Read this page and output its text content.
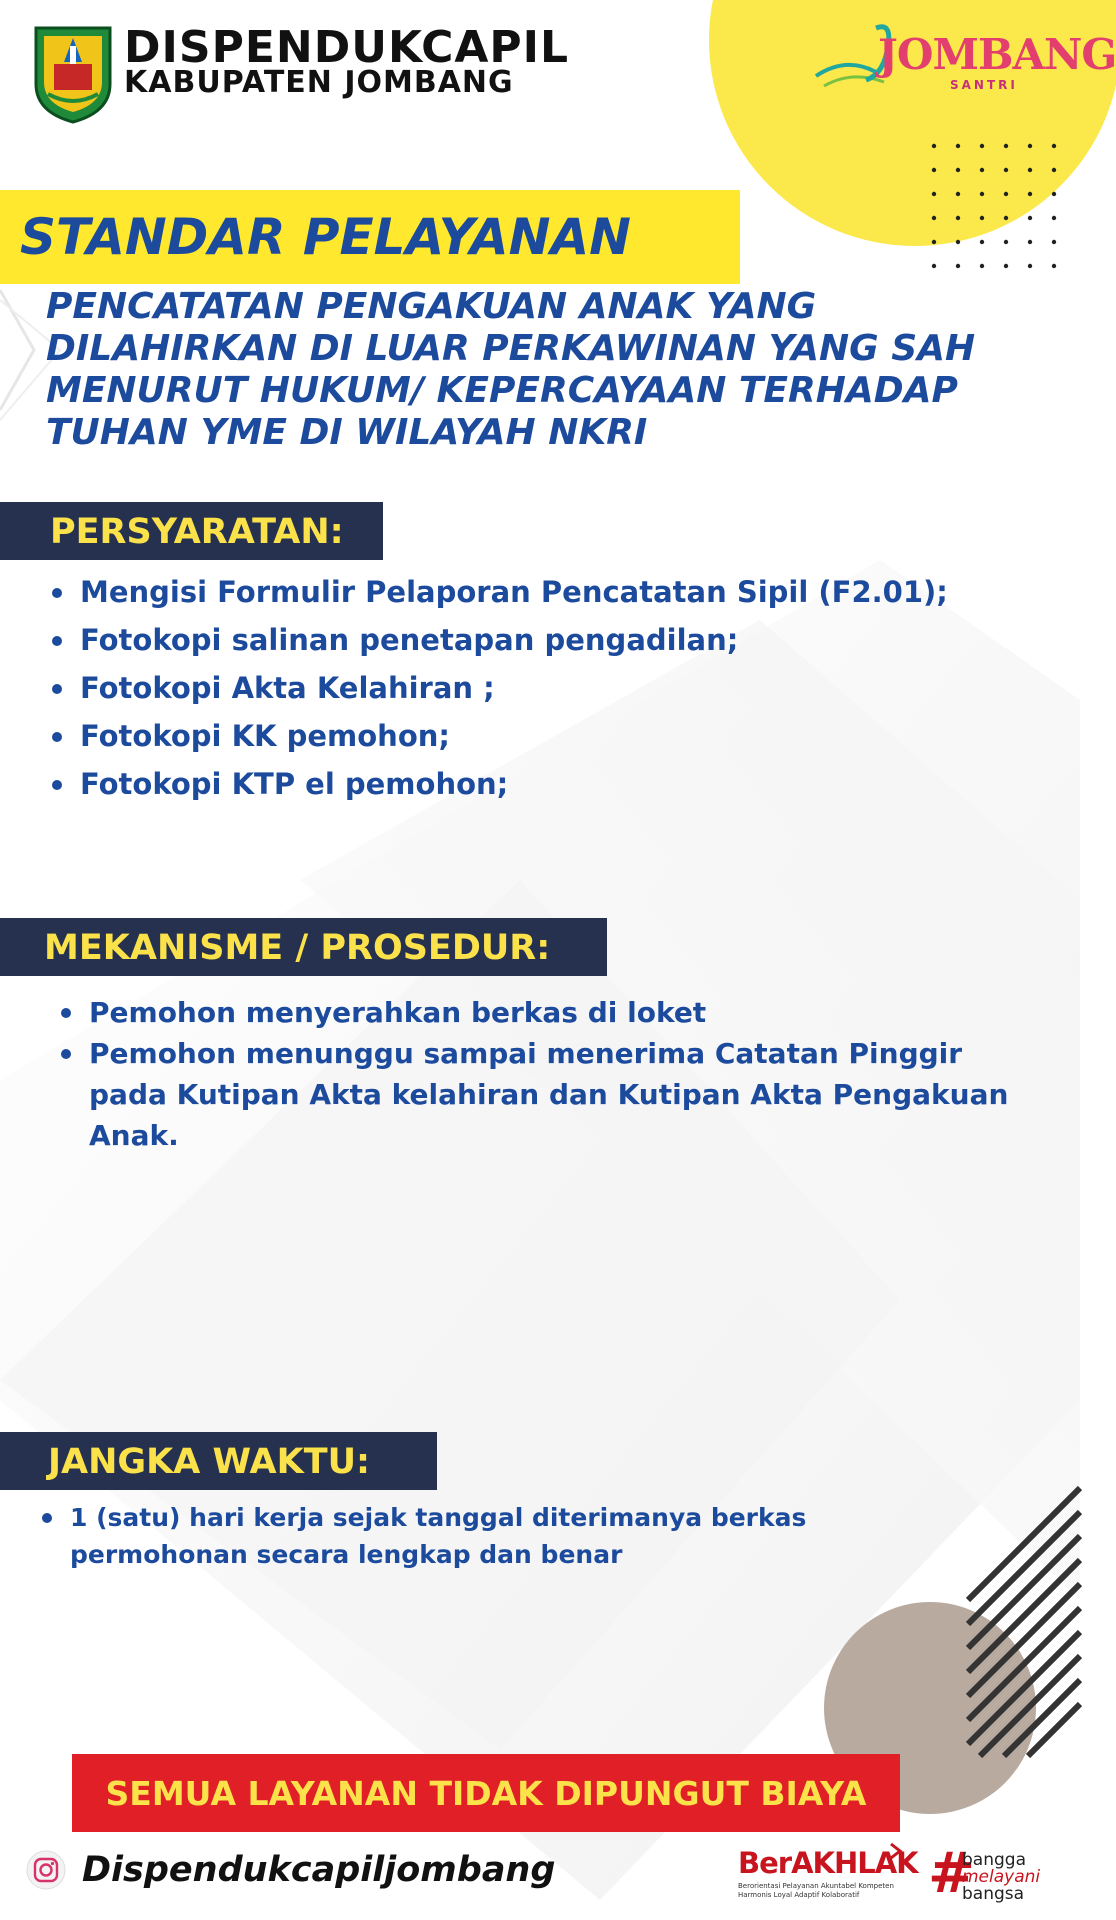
DISPENDUKCAPIL
KABUPATEN JOMBANG
JOMBANG
SANTRI
STANDAR PELAYANAN
PENCATATAN PENGAKUAN ANAK YANG
DILAHIRKAN DI LUAR PERKAWINAN YANG SAH
MENURUT HUKUM/ KEPERCAYAAN TERHADAP
TUHAN YME DI WILAYAH NKRI
PERSYARATAN:
Mengisi Formulir Pelaporan Pencatatan Sipil (F2.01);
Fotokopi salinan penetapan pengadilan;
Fotokopi Akta Kelahiran ;
Fotokopi KK pemohon;
Fotokopi KTP el pemohon;
MEKANISME / PROSEDUR:
Pemohon menyerahkan berkas di loket
Pemohon menunggu sampai menerima Catatan Pinggir
pada Kutipan Akta kelahiran dan Kutipan Akta Pengakuan
Anak.
JANGKA WAKTU:
1 (satu) hari kerja sejak tanggal diterimanya berkas
permohonan secara lengkap dan benar
SEMUA LAYANAN TIDAK DIPUNGUT BIAYA
Dispendukcapiljombang	BerAKHLAK
Berorientasi Pelayanan Akuntabel Kompeten Harmonis Loyal Adaptif Kolaboratif	#
bangga
melayani
bangsa
